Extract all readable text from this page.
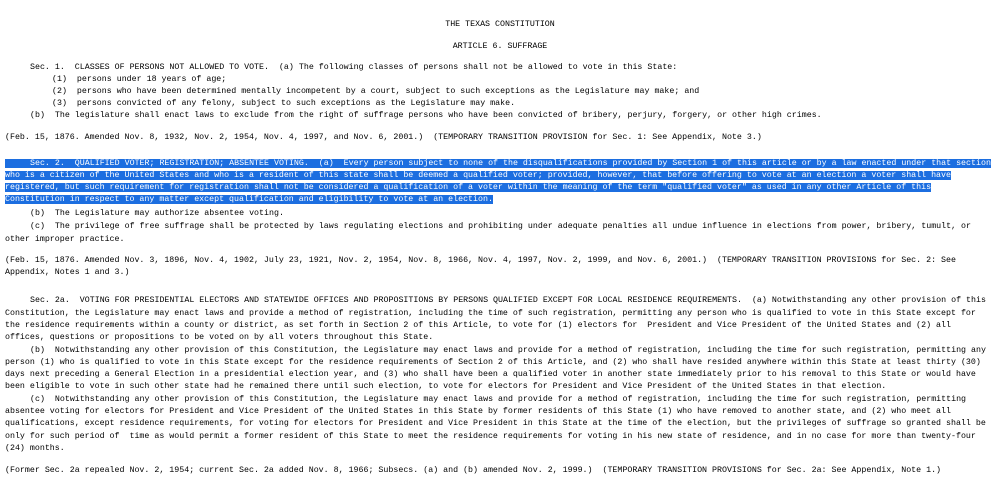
THE TEXAS CONSTITUTION
ARTICLE 6. SUFFRAGE
Sec. 1.  CLASSES OF PERSONS NOT ALLOWED TO VOTE.  (a) The following classes of persons shall not be allowed to vote in this State:
(1)  persons under 18 years of age;
(2)  persons who have been determined mentally incompetent by a court, subject to such exceptions as the Legislature may make; and
(3)  persons convicted of any felony, subject to such exceptions as the Legislature may make.
(b)  The legislature shall enact laws to exclude from the right of suffrage persons who have been convicted of bribery, perjury, forgery, or other high crimes.
(Feb. 15, 1876. Amended Nov. 8, 1932, Nov. 2, 1954, Nov. 4, 1997, and Nov. 6, 2001.)  (TEMPORARY TRANSITION PROVISION for Sec. 1: See Appendix, Note 3.)
Sec. 2.  QUALIFIED VOTER; REGISTRATION; ABSENTEE VOTING.  (a)  Every person subject to none of the disqualifications provided by Section 1 of this article or by a law enacted under that section
who is a citizen of the United States and who is a resident of this state shall be deemed a qualified voter; provided, however, that before offering to vote at an election a voter shall have
registered, but such requirement for registration shall not be considered a qualification of a voter within the meaning of the term "qualified voter" as used in any other Article of this
Constitution in respect to any matter except qualification and eligibility to vote at an election.
(b)  The Legislature may authorize absentee voting.
(c)  The privilege of free suffrage shall be protected by laws regulating elections and prohibiting under adequate penalties all undue influence in elections from power, bribery, tumult, or
other improper practice.
(Feb. 15, 1876. Amended Nov. 3, 1896, Nov. 4, 1902, July 23, 1921, Nov. 2, 1954, Nov. 8, 1966, Nov. 4, 1997, Nov. 2, 1999, and Nov. 6, 2001.)  (TEMPORARY TRANSITION PROVISIONS for Sec. 2: See
Appendix, Notes 1 and 3.)
Sec. 2a.  VOTING FOR PRESIDENTIAL ELECTORS AND STATEWIDE OFFICES AND PROPOSITIONS BY PERSONS QUALIFIED EXCEPT FOR LOCAL RESIDENCE REQUIREMENTS.  (a) Notwithstanding any other provision of this
Constitution, the Legislature may enact laws and provide a method of registration, including the time of such registration, permitting any person who is qualified to vote in this State except for
the residence requirements within a county or district, as set forth in Section 2 of this Article, to vote for (1) electors for  President and Vice President of the United States and (2) all
offices, questions or propositions to be voted on by all voters throughout this State.
(b)  Notwithstanding any other provision of this Constitution, the Legislature may enact laws and provide for a method of registration, including the time for such registration, permitting any
person (1) who is qualified to vote in this State except for the residence requirements of Section 2 of this Article, and (2) who shall have resided anywhere within this State at least thirty (30)
days next preceding a General Election in a presidential election year, and (3) who shall have been a qualified voter in another state immediately prior to his removal to this State or would have
been eligible to vote in such other state had he remained there until such election, to vote for electors for President and Vice President of the United States in that election.
(c)  Notwithstanding any other provision of this Constitution, the Legislature may enact laws and provide for a method of registration, including the time for such registration, permitting
absentee voting for electors for President and Vice President of the United States in this State by former residents of this State (1) who have removed to another state, and (2) who meet all
qualifications, except residence requirements, for voting for electors for President and Vice President in this State at the time of the election, but the privileges of suffrage so granted shall be
only for such period of  time as would permit a former resident of this State to meet the residence requirements for voting in his new state of residence, and in no case for more than twenty-four
(24) months.
(Former Sec. 2a repealed Nov. 2, 1954; current Sec. 2a added Nov. 8, 1966; Subsecs. (a) and (b) amended Nov. 2, 1999.)  (TEMPORARY TRANSITION PROVISIONS for Sec. 2a: See Appendix, Note 1.)
